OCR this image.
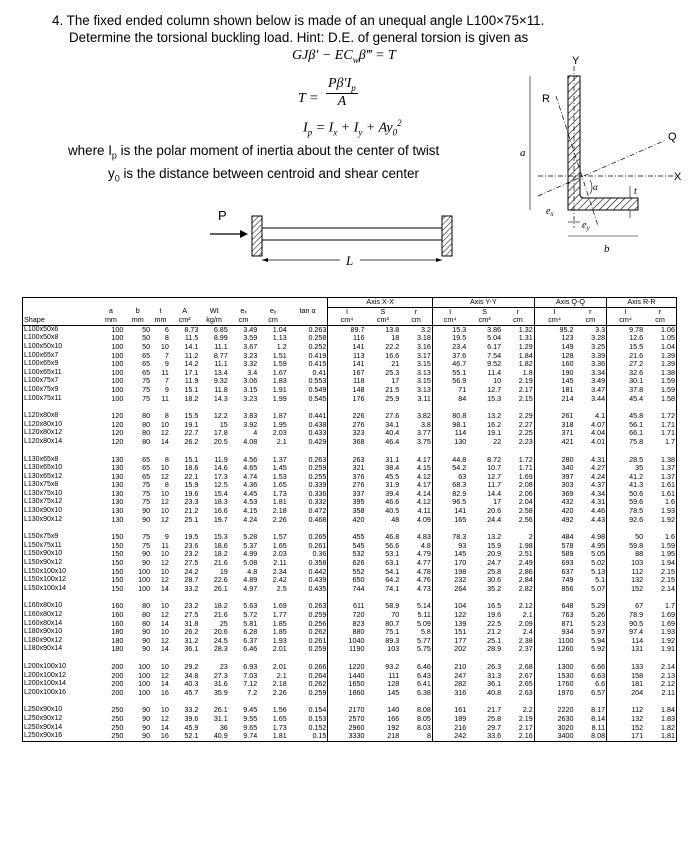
4. The fixed ended column shown below is made of an unequal angle L100×75×11.

Determine the torsional buckling load. Hint: D.E. of general torsion is given as

$GJ\beta' - EC_w\beta‴ = T$
$T = \frac{P\beta'I_p}{A}$
$I_p = I_x + I_y + Ay_0^2$
where $I_p$ is the polar moment of inertia about the center of twist
$y_0$ is the distance between centroid and shear center
P
L
Y
X
R
Q
a
$e_x$
α	t
$e_y$
b
									Axis X-X			Axis Y-Y			Axis Q-Q		Axis R-R	
	a	b	t	A	Wt	eₓ	eᵧ	tan α	I	S	r	I	S	r	I	r	I	r
Shape	mm	mm	mm	cm²	kg/m	cm	cm		cm⁴	cm³	cm	cm⁴	cm³	cm	cm⁴	cm	cm⁴	cm
L100x50x6	100	50	6	8.73	6.85	3.49	1.04	0.263	89.7	13.8	3.2	15.3	3.86	1.32	95.2	3.3	9.78	1.06
L100x50x8	100	50	8	11.5	8.99	3.59	1.13	0.258	116	18	3.18	19.5	5.04	1.31	123	3.28	12.6	1.05
L100x50x10	100	50	10	14.1	11.1	3.67	1.2	0.252	141	22.2	3.16	23.4	6.17	1.29	149	3.25	15.5	1.04
L100x65x7	100	65	7	11.2	8.77	3.23	1.51	0.419	113	16.6	3.17	37.6	7.54	1.84	128	3.39	21.6	1.39
L100x65x9	100	65	9	14.2	11.1	3.32	1.59	0.415	141	21	3.15	46.7	9.52	1.82	160	3.36	27.2	1.39
L100x65x11	100	65	11	17.1	13.4	3.4	1.67	0.41	167	25.3	3.13	55.1	11.4	1.8	190	3.34	32.6	1.38
L100x75x7	100	75	7	11.9	9.32	3.06	1.83	0.553	118	17	3.15	56.9	10	2.19	145	3.49	30.1	1.59
L100x75x9	100	75	9	15.1	11.8	3.15	1.91	0.549	148	21.5	3.13	71	12.7	2.17	181	3.47	37.8	1.59
L100x75x11	100	75	11	18.2	14.3	3.23	1.99	0.545	176	25.9	3.11	84	15.3	2.15	214	3.44	45.4	1.58

L120x80x8	120	80	8	15.5	12.2	3.83	1.87	0.441	226	27.6	3.82	80.8	13.2	2.29	261	4.1	45.8	1.72
L120x80x10	120	80	10	19.1	15	3.92	1.95	0.438	276	34.1	3.8	98.1	16.2	2.27	318	4.07	56.1	1.71
L120x80x12	120	80	12	22.7	17.8	4	2.03	0.433	323	40.4	3.77	114	19.1	2.25	371	4.04	66.1	1.71
L120x80x14	120	80	14	26.2	20.5	4.08	2.1	0.429	368	46.4	3.75	130	22	2.23	421	4.01	75.8	1.7

L130x65x8	130	65	8	15.1	11.9	4.56	1.37	0.263	263	31.1	4.17	44.8	8.72	1.72	280	4.31	28.5	1.38
L130x65x10	130	65	10	18.6	14.6	4.65	1.45	0.259	321	38.4	4.15	54.2	10.7	1.71	340	4.27	35	1.37
L130x65x12	130	65	12	22.1	17.3	4.74	1.53	0.255	376	45.5	4.12	63	12.7	1.69	397	4.24	41.2	1.37
L130x75x8	130	75	8	15.9	12.5	4.36	1.65	0.339	276	31.9	4.17	68.3	11.7	2.08	303	4.37	41.3	1.61
L130x75x10	130	75	10	19.6	15.4	4.45	1.73	0.336	337	39.4	4.14	82.9	14.4	2.06	369	4.34	50.6	1.61
L130x75x12	130	75	12	23.3	18.3	4.53	1.81	0.332	395	46.6	4.12	96.5	17	2.04	432	4.31	59.6	1.6
L130x90x10	130	90	10	21.2	16.6	4.15	2.18	0.472	358	40.5	4.11	141	20.6	2.58	420	4.46	78.5	1.93
L130x90x12	130	90	12	25.1	19.7	4.24	2.26	0.468	420	48	4.09	165	24.4	2.56	492	4.43	92.6	1.92

L150x75x9	150	75	9	19.5	15.3	5.28	1.57	0.265	455	46.8	4.83	78.3	13.2	2	484	4.98	50	1.6
L150x75x11	150	75	11	23.6	18.6	5.37	1.65	0.261	545	56.6	4.8	93	15.9	1.98	578	4.95	59.8	1.59
L150x90x10	150	90	10	23.2	18.2	4.99	2.03	0.36	532	53.1	4.79	145	20.9	2.51	589	5.05	88	1.95
L150x90x12	150	90	12	27.5	21.6	5.08	2.11	0.358	626	63.1	4.77	170	24.7	2.49	693	5.02	103	1.94
L150x100x10	150	100	10	24.2	19	4.8	2.34	0.442	552	54.1	4.78	198	25.8	2.86	637	5.13	112	2.15
L150x100x12	150	100	12	28.7	22.6	4.89	2.42	0.439	650	64.2	4.76	232	30.6	2.84	749	5.1	132	2.15
L150x100x14	150	100	14	33.2	26.1	4.97	2.5	0.435	744	74.1	4.73	264	35.2	2.82	856	5.07	152	2.14

L160x80x10	160	80	10	23.2	18.2	5.63	1.69	0.263	611	58.9	5.14	104	16.5	2.12	648	5.29	67	1.7
L160x80x12	160	80	12	27.5	21.6	5.72	1.77	0.259	720	70	5.11	122	19.6	2.1	763	5.26	78.9	1.69
L160x80x14	160	80	14	31.8	25	5.81	1.85	0.256	823	80.7	5.09	139	22.5	2.09	871	5.23	90.5	1.69
L180x90x10	180	90	10	26.2	20.6	6.28	1.85	0.262	880	75.1	5.8	151	21.2	2.4	934	5.97	97.4	1.93
L180x90x12	180	90	12	31.2	24.5	6.37	1.93	0.261	1040	89.3	5.77	177	25.1	2.38	1100	5.94	114	1.92
L180x90x14	180	90	14	36.1	28.3	6.46	2.01	0.259	1190	103	5.75	202	28.9	2.37	1260	5.92	131	1.91

L200x100x10	200	100	10	29.2	23	6.93	2.01	0.266	1220	93.2	6.46	210	26.3	2.68	1300	6.66	133	2.14
L200x100x12	200	100	12	34.8	27.3	7.03	2.1	0.264	1440	111	6.43	247	31.3	2.67	1530	6.63	158	2.13
L200x100x14	200	100	14	40.3	31.6	7.12	2.18	0.262	1650	128	6.41	282	36.1	2.65	1760	6.6	181	2.12
L200x100x16	200	100	16	45.7	35.9	7.2	2.26	0.259	1860	145	6.38	316	40.8	2.63	1970	6.57	204	2.11

L250x90x10	250	90	10	33.2	26.1	9.45	1.56	0.154	2170	140	8.08	161	21.7	2.2	2220	8.17	112	1.84
L250x90x12	250	90	12	39.6	31.1	9.55	1.65	0.153	2570	166	8.05	189	25.8	2.19	2630	8.14	132	1.83
L250x90x14	250	90	14	45.9	36	9.65	1.73	0.152	2960	192	8.03	216	29.7	2.17	3020	8.11	152	1.82
L250x90x16	250	90	16	52.1	40.9	9.74	1.81	0.15	3330	218	8	242	33.6	2.16	3400	8.08	171	1.81
